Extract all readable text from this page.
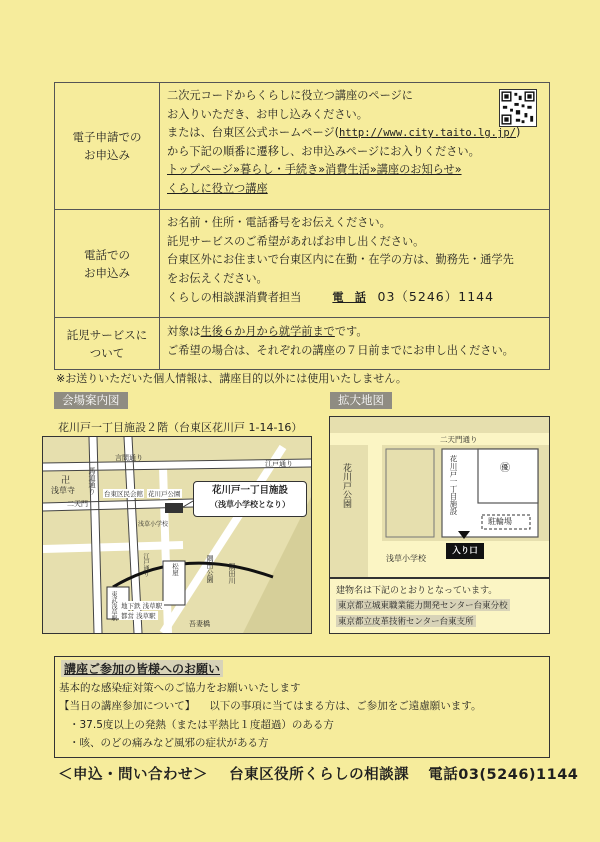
電子申請での
お申込み
二次元コードからくらしに役立つ講座のページに
お入りいただき、お申し込みください。
または、台東区公式ホームページ(http://www.city.taito.lg.jp/)
から下記の順番に遷移し、お申込みページにお入りください。
トップページ»暮らし・手続き»消費生活»講座のお知らせ»
くらしに役立つ講座
電話での
お申込み
お名前・住所・電話番号をお伝えください。
託児サービスのご希望があればお申し出ください。
台東区外にお住まいで台東区内に在勤・在学の方は、勤務先・通学先
をお伝えください。
くらしの相談課消費者担当	電　話 03（5246）1144
託児サービスに
ついて
対象は生後６か月から就学前までです。
ご希望の場合は、それぞれの講座の７日前までにお申し出ください。
※お送りいただいた個人情報は、講座目的以外には使用いたしません。
会場案内図
花川戸一丁目施設２階（台東区花川戸 1-14-16）
言問通り
江戸通り
馬道通り
卍
浅草寺
二天門
台東区民会館 花川戸公園
浅草小学校
江戸通り	松屋
東武浅草駅
隅田公園 隅田川
地下鉄 浅草駅
都営 浅草駅
吾妻橋
花川戸一丁目施設
（浅草小学校となり）
拡大地図
二天門通り
花川戸公園	花川戸一丁目施設	㊝
駐輪場
浅草小学校
入り口
建物名は下記のとおりとなっています。
東京都立城東職業能力開発センター台東分校
東京都立皮革技術センター台東支所
講座ご参加の皆様へのお願い
基本的な感染症対策へのご協力をお願いいたします
【当日の講座参加について】 以下の事項に当てはまる方は、ご参加をご遠慮願います。
・37.5度以上の発熱（または平熱比１度超過）のある方
・咳、のどの痛みなど風邪の症状がある方
＜申込・問い合わせ＞ 台東区役所くらしの相談課 電話03(5246)1144
